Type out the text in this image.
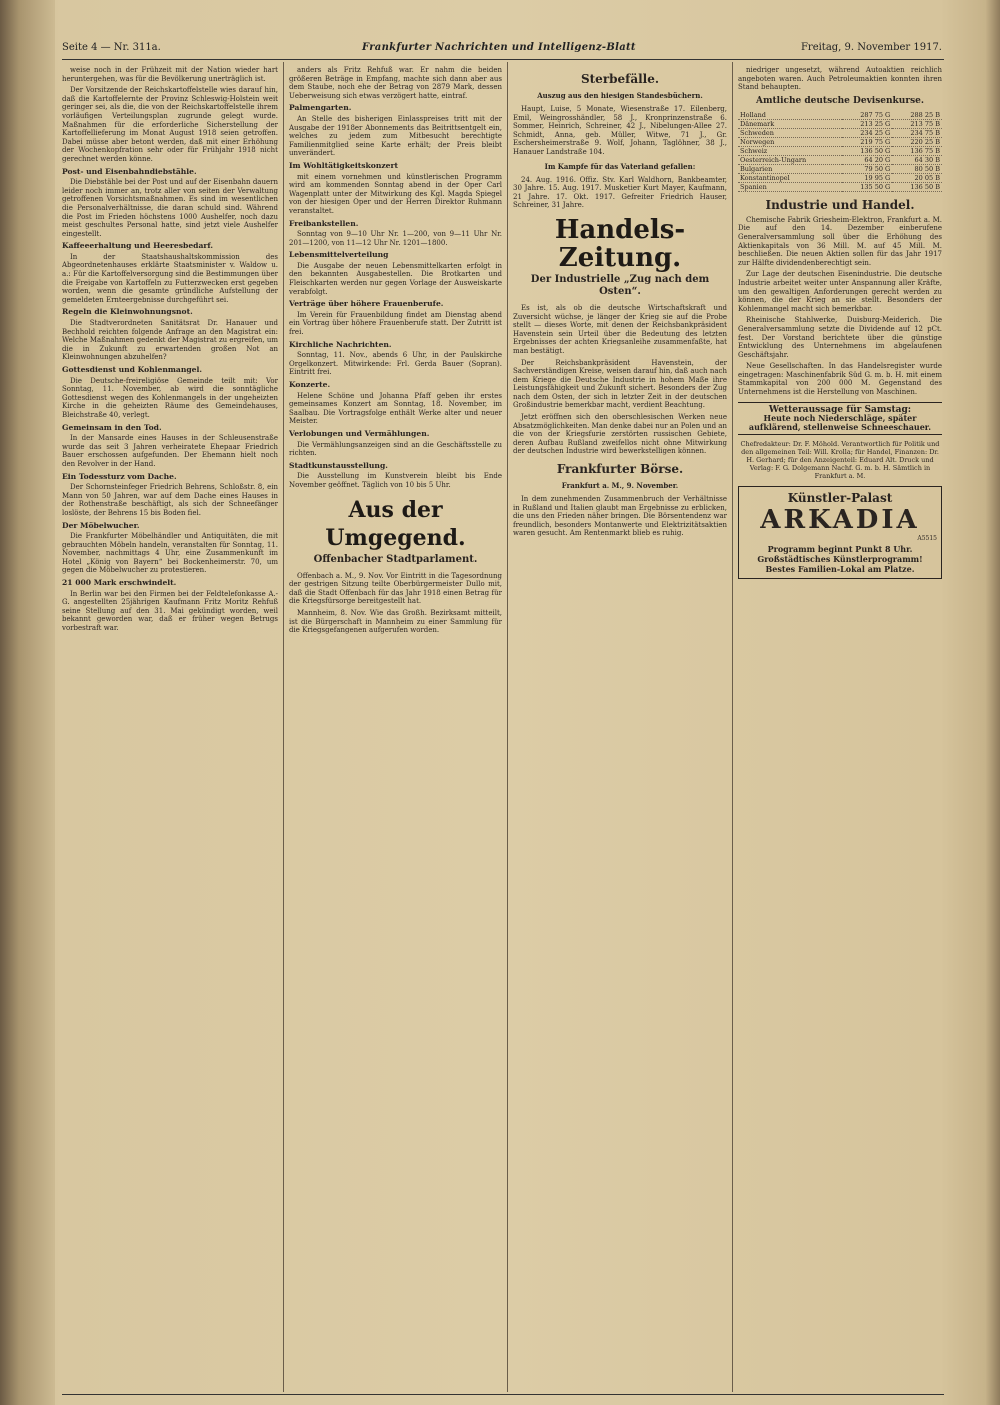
Seite 4 — Nr. 311a.	Frankfurter Nachrichten und Intelligenz-Blatt	Freitag, 9. November 1917.

weise noch in der Frühzeit mit der Nation wieder hart heruntergehen, was für die Bevölkerung unerträglich ist.

Der Vorsitzende der Reichskartoffelstelle wies darauf hin, daß die Kartoffelernte der Provinz Schleswig-Holstein weit geringer sei, als die, die von der Reichskartoffelstelle ihrem vorläufigen Verteilungsplan zugrunde gelegt wurde. Maßnahmen für die erforderliche Sicherstellung der Kartoffellieferung im Monat August 1918 seien getroffen. Dabei müsse aber betont werden, daß mit einer Erhöhung der Wochenkopfration sehr oder für Frühjahr 1918 nicht gerechnet werden könne.

Post- und Eisenbahndiebstähle.

Die Diebstähle bei der Post und auf der Eisenbahn dauern leider noch immer an, trotz aller von seiten der Verwaltung getroffenen Vorsichtsmaßnahmen. Es sind im wesentlichen die Personalverhältnisse, die daran schuld sind. Während die Post im Frieden höchstens 1000 Aushelfer, noch dazu meist geschultes Personal hatte, sind jetzt viele Aushelfer eingestellt.

Kaffeeerhaltung und Heeresbedarf.

In der Staatshaushaltskommission des Abgeordnetenhauses erklärte Staatsminister v. Waldow u. a.: Für die Kartoffelversorgung sind die Bestimmungen über die Freigabe von Kartoffeln zu Futterzwecken erst gegeben worden, wenn die gesamte gründliche Aufstellung der gemeldeten Ernteergebnisse durchgeführt sei.

Regeln die Kleinwohnungsnot.

Die Stadtverordneten Sanitätsrat Dr. Hanauer und Bechhold reichten folgende Anfrage an den Magistrat ein: Welche Maßnahmen gedenkt der Magistrat zu ergreifen, um die in Zukunft zu erwartenden großen Not an Kleinwohnungen abzuhelfen?

Gottesdienst und Kohlenmangel.

Die Deutsche-freireligiöse Gemeinde teilt mit: Vor Sonntag, 11. November, ab wird die sonntägliche Gottesdienst wegen des Kohlenmangels in der ungeheizten Kirche in die geheizten Räume des Gemeindehauses, Bleichstraße 40, verlegt.

Gemeinsam in den Tod.

In der Mansarde eines Hauses in der Schleusenstraße wurde das seit 3 Jahren verheiratete Ehepaar Friedrich Bauer erschossen aufgefunden. Der Ehemann hielt noch den Revolver in der Hand.

Ein Todessturz vom Dache.

Der Schornsteinfeger Friedrich Behrens, Schloßstr. 8, ein Mann von 50 Jahren, war auf dem Dache eines Hauses in der Rothenstraße beschäftigt, als sich der Schneefänger loslöste, der Behrens 15 bis Boden fiel.

Der Möbelwucher.

Die Frankfurter Möbelhändler und Antiquitäten, die mit gebrauchten Möbeln handeln, veranstalten für Sonntag, 11. November, nachmittags 4 Uhr, eine Zusammenkunft im Hotel „König von Bayern“ bei Bockenheimerstr. 70, um gegen die Möbelwucher zu protestieren.

21 000 Mark erschwindelt.

In Berlin war bei den Firmen bei der Feldtelefonkasse A.-G. angestellten 25jährigen Kaufmann Fritz Moritz Rehfuß seine Stellung auf den 31. Mai gekündigt worden, weil bekannt geworden war, daß er früher wegen Betrugs vorbestraft war.

anders als Fritz Rehfuß war. Er nahm die beiden größeren Beträge in Empfang, machte sich dann aber aus dem Staube, noch ehe der Betrag von 2879 Mark, dessen Ueberweisung sich etwas verzögert hatte, eintraf.

Palmengarten.

An Stelle des bisherigen Einlasspreises tritt mit der Ausgabe der 1918er Abonnements das Beitrittsentgelt ein, welches zu jedem zum Mitbesucht berechtigte Familienmitglied seine Karte erhält; der Preis bleibt unverändert.

Im Wohltätigkeitskonzert

mit einem vornehmen und künstlerischen Programm wird am kommenden Sonntag abend in der Oper Carl Wagenplatt unter der Mitwirkung des Kgl. Magda Spiegel von der hiesigen Oper und der Herren Direktor Ruhmann veranstaltet.

Freibankstellen.

Sonntag von 9—10 Uhr Nr. 1—200, von 9—11 Uhr Nr. 201—1200, von 11—12 Uhr Nr. 1201—1800.

Lebensmittelverteilung

Die Ausgabe der neuen Lebensmittelkarten erfolgt in den bekannten Ausgabestellen. Die Brotkarten und Fleischkarten werden nur gegen Vorlage der Ausweiskarte verabfolgt.

Verträge über höhere Frauenberufe.

Im Verein für Frauenbildung findet am Dienstag abend ein Vortrag über höhere Frauenberufe statt. Der Zutritt ist frei.

Kirchliche Nachrichten.

Sonntag, 11. Nov., abends 6 Uhr, in der Paulskirche Orgelkonzert. Mitwirkende: Frl. Gerda Bauer (Sopran). Eintritt frei.

Konzerte.

Helene Schöne und Johanna Pfaff geben ihr erstes gemeinsames Konzert am Sonntag, 18. November, im Saalbau. Die Vortragsfolge enthält Werke alter und neuer Meister.

Verlobungen und Vermählungen.

Die Vermählungsanzeigen sind an die Geschäftsstelle zu richten.

Stadtkunstausstellung.

Die Ausstellung im Kunstverein bleibt bis Ende November geöffnet. Täglich von 10 bis 5 Uhr.

Aus der Umgegend.
Offenbacher Stadtparlament.

Offenbach a. M., 9. Nov. Vor Eintritt in die Tagesordnung der gestrigen Sitzung teilte Oberbürgermeister Dullo mit, daß die Stadt Offenbach für das Jahr 1918 einen Betrag für die Kriegsfürsorge bereitgestellt hat.

Mannheim, 8. Nov. Wie das Großh. Bezirksamt mitteilt, ist die Bürgerschaft in Mannheim zu einer Sammlung für die Kriegsgefangenen aufgerufen worden.

Sterbefälle.
Auszug aus den hiesigen Standesbüchern.

Haupt, Luise, 5 Monate, Wiesenstraße 17. Eilenberg, Emil, Weingrosshändler, 58 J., Kronprinzenstraße 6. Sommer, Heinrich, Schreiner, 42 J., Nibelungen-Allee 27. Schmidt, Anna, geb. Müller, Witwe, 71 J., Gr. Eschersheimerstraße 9. Wolf, Johann, Taglöhner, 38 J., Hanauer Landstraße 104.

Im Kampfe für das Vaterland gefallen:

24. Aug. 1916. Offiz. Stv. Karl Waldhorn, Bankbeamter, 30 Jahre. 15. Aug. 1917. Musketier Kurt Mayer, Kaufmann, 21 Jahre. 17. Okt. 1917. Gefreiter Friedrich Hauser, Schreiner, 31 Jahre.

Handels-Zeitung.
Der Industrielle „Zug nach dem Osten“.

Es ist, als ob die deutsche Wirtschaftskraft und Zuversicht wüchse, je länger der Krieg sie auf die Probe stellt — dieses Worte, mit denen der Reichsbankpräsident Havenstein sein Urteil über die Bedeutung des letzten Ergebnisses der achten Kriegsanleihe zusammenfaßte, hat man bestätigt.

Der Reichsbankpräsident Havenstein, der Sachverständigen Kreise, weisen darauf hin, daß auch nach dem Kriege die Deutsche Industrie in hohem Maße ihre Leistungsfähigkeit und Zukunft sichert. Besonders der Zug nach dem Osten, der sich in letzter Zeit in der deutschen Großindustrie bemerkbar macht, verdient Beachtung.

Jetzt eröffnen sich den oberschlesischen Werken neue Absatzmöglichkeiten. Man denke dabei nur an Polen und an die von der Kriegsfurie zerstörten russischen Gebiete, deren Aufbau Rußland zweifellos nicht ohne Mitwirkung der deutschen Industrie wird bewerkstelligen können.

Frankfurter Börse.
Frankfurt a. M., 9. November.

In dem zunehmenden Zusammenbruch der Verhältnisse in Rußland und Italien glaubt man Ergebnisse zu erblicken, die uns den Frieden näher bringen. Die Börsentendenz war freundlich, besonders Montanwerte und Elektrizitätsaktien waren gesucht. Am Rentenmarkt blieb es ruhig.

niedriger ungesetzt, während Autoaktien reichlich angeboten waren. Auch Petroleumaktien konnten ihren Stand behaupten.

Amtliche deutsche Devisenkurse.
Holland	287 75 G	288 25 B
Dänemark	213 25 G	213 75 B
Schweden	234 25 G	234 75 B
Norwegen	219 75 G	220 25 B
Schweiz	136 50 G	136 75 B
Oesterreich-Ungarn	64 20 G	64 30 B
Bulgarien	79 50 G	80 50 B
Konstantinopel	19 95 G	20 05 B
Spanien	135 50 G	136 50 B
Industrie und Handel.

Chemische Fabrik Griesheim-Elektron, Frankfurt a. M. Die auf den 14. Dezember einberufene Generalversammlung soll über die Erhöhung des Aktienkapitals von 36 Mill. M. auf 45 Mill. M. beschließen. Die neuen Aktien sollen für das Jahr 1917 zur Hälfte dividendenberechtigt sein.

Zur Lage der deutschen Eisenindustrie. Die deutsche Industrie arbeitet weiter unter Anspannung aller Kräfte, um den gewaltigen Anforderungen gerecht werden zu können, die der Krieg an sie stellt. Besonders der Kohlenmangel macht sich bemerkbar.

Rheinische Stahlwerke, Duisburg-Meiderich. Die Generalversammlung setzte die Dividende auf 12 pCt. fest. Der Vorstand berichtete über die günstige Entwicklung des Unternehmens im abgelaufenen Geschäftsjahr.

Neue Gesellschaften. In das Handelsregister wurde eingetragen: Maschinenfabrik Süd G. m. b. H. mit einem Stammkapital von 200 000 M. Gegenstand des Unternehmens ist die Herstellung von Maschinen.

Wetteraussage für Samstag:
Heute noch Niederschläge, später aufklärend, stellenweise Schneeschauer.
Chefredakteur: Dr. F. Möhold. Verantwortlich für Politik und den allgemeinen Teil: Will. Krolla; für Handel, Finanzen: Dr. H. Gerhard; für den Anzeigenteil: Eduard Alt. Druck und Verlag: F. G. Dolgemann Nachf. G. m. b. H. Sämtlich in Frankfurt a. M.
Künstler-Palast
ARKADIA
A5515
Programm beginnt Punkt 8 Uhr.
Großstädtisches Künstlerprogramm!
Bestes Familien-Lokal am Platze.
